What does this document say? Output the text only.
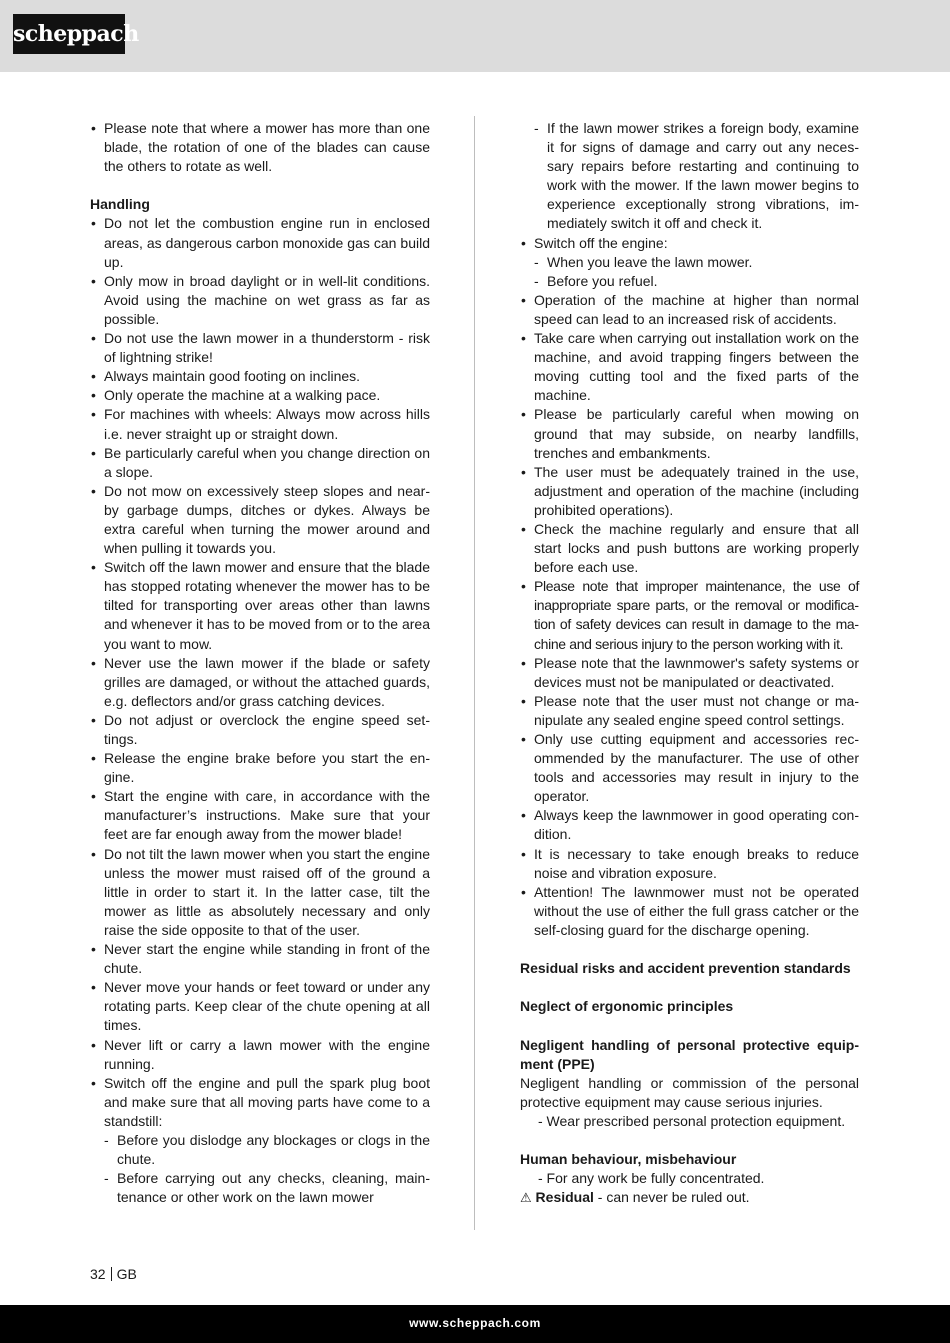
scheppach

• Please note that where a mower has more than one blade, the rotation of one of the blades can cause the others to rotate as well.

Handling

• Do not let the combustion engine run in enclosed areas, as dangerous carbon monoxide gas can build up.

• Only mow in broad daylight or in well-lit conditions. Avoid using the machine on wet grass as far as possible.

• Do not use the lawn mower in a thunderstorm - risk of lightning strike!

• Always maintain good footing on inclines.

• Only operate the machine at a walking pace.

• For machines with wheels: Always mow across hills i.e. never straight up or straight down.

• Be particularly careful when you change direction on a slope.

• Do not mow on excessively steep slopes and nearby garbage dumps, ditches or dykes. Always be extra careful when turning the mower around and when pulling it towards you.

• Switch off the lawn mower and ensure that the blade has stopped rotating whenever the mower has to be tilted for transporting over areas other than lawns and whenever it has to be moved from or to the area you want to mow.

• Never use the lawn mower if the blade or safety grilles are damaged, or without the attached guards, e.g. deflectors and/or grass catching devices.

• Do not adjust or overclock the engine speed settings.

• Release the engine brake before you start the engine.

• Start the engine with care, in accordance with the manufacturer’s instructions. Make sure that your feet are far enough away from the mower blade!

• Do not tilt the lawn mower when you start the engine unless the mower must raised off of the ground a little in order to start it. In the latter case, tilt the mower as little as absolutely necessary and only raise the side opposite to that of the user.

• Never start the engine while standing in front of the chute.

• Never move your hands or feet toward or under any rotating parts. Keep clear of the chute opening at all times.

• Never lift or carry a lawn mower with the engine running.

• Switch off the engine and pull the spark plug boot and make sure that all moving parts have come to a standstill:

- Before you dislodge any blockages or clogs in the chute.

- Before carrying out any checks, cleaning, maintenance or other work on the lawn mower

- If the lawn mower strikes a foreign body, examine it for signs of damage and carry out any necessary repairs before restarting and continuing to work with the mower. If the lawn mower begins to experience exceptionally strong vibrations, immediately switch it off and check it.

• Switch off the engine:

- When you leave the lawn mower.

- Before you refuel.

• Operation of the machine at higher than normal speed can lead to an increased risk of accidents.

• Take care when carrying out installation work on the machine, and avoid trapping fingers between the moving cutting tool and the fixed parts of the machine.

• Please be particularly careful when mowing on ground that may subside, on nearby landfills, trenches and embankments.

• The user must be adequately trained in the use, adjustment and operation of the machine (including prohibited operations).

• Check the machine regularly and ensure that all start locks and push buttons are working properly before each use.

• Please note that improper maintenance, the use of inappropriate spare parts, or the removal or modification of safety devices can result in damage to the machine and serious injury to the person working with it.

• Please note that the lawnmower's safety systems or devices must not be manipulated or deactivated.

• Please note that the user must not change or manipulate any sealed engine speed control settings.

• Only use cutting equipment and accessories recommended by the manufacturer. The use of other tools and accessories may result in injury to the operator.

• Always keep the lawnmower in good operating condition.

• It is necessary to take enough breaks to reduce noise and vibration exposure.

• Attention! The lawnmower must not be operated without the use of either the full grass catcher or the self-closing guard for the discharge opening.

Residual risks and accident prevention standards

Neglect of ergonomic principles

Negligent handling of personal protective equipment (PPE)

Negligent handling or commission of the personal protective equipment may cause serious injuries.

- Wear prescribed personal protection equipment.

Human behaviour, misbehaviour

- For any work be fully concentrated.

⚠ Residual - can never be ruled out.

32 GB
www.scheppach.com
